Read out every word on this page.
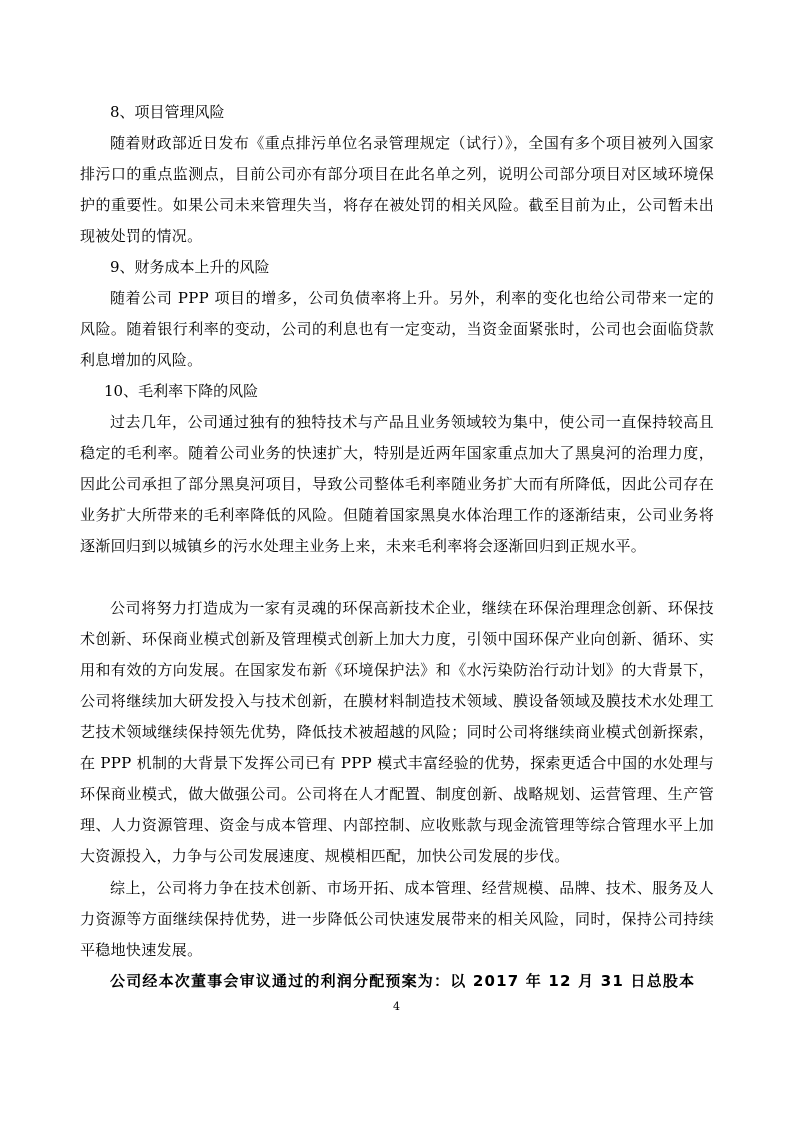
8、项目管理风险
随着财政部近日发布《重点排污单位名录管理规定（试行）》，全国有多个项目被列入国家排污口的重点监测点，目前公司亦有部分项目在此名单之列，说明公司部分项目对区域环境保护的重要性。如果公司未来管理失当，将存在被处罚的相关风险。截至目前为止，公司暂未出现被处罚的情况。
9、财务成本上升的风险
随着公司 PPP 项目的增多，公司负债率将上升。另外，利率的变化也给公司带来一定的风险。随着银行利率的变动，公司的利息也有一定变动，当资金面紧张时，公司也会面临贷款利息增加的风险。
10、毛利率下降的风险
过去几年，公司通过独有的独特技术与产品且业务领域较为集中，使公司一直保持较高且稳定的毛利率。随着公司业务的快速扩大，特别是近两年国家重点加大了黑臭河的治理力度，因此公司承担了部分黑臭河项目，导致公司整体毛利率随业务扩大而有所降低，因此公司存在业务扩大所带来的毛利率降低的风险。但随着国家黑臭水体治理工作的逐渐结束，公司业务将逐渐回归到以城镇乡的污水处理主业务上来，未来毛利率将会逐渐回归到正规水平。
公司将努力打造成为一家有灵魂的环保高新技术企业，继续在环保治理理念创新、环保技术创新、环保商业模式创新及管理模式创新上加大力度，引领中国环保产业向创新、循环、实用和有效的方向发展。在国家发布新《环境保护法》和《水污染防治行动计划》的大背景下，公司将继续加大研发投入与技术创新，在膜材料制造技术领域、膜设备领域及膜技术水处理工艺技术领域继续保持领先优势，降低技术被超越的风险；同时公司将继续商业模式创新探索，在 PPP 机制的大背景下发挥公司已有 PPP 模式丰富经验的优势，探索更适合中国的水处理与环保商业模式，做大做强公司。公司将在人才配置、制度创新、战略规划、运营管理、生产管理、人力资源管理、资金与成本管理、内部控制、应收账款与现金流管理等综合管理水平上加大资源投入，力争与公司发展速度、规模相匹配，加快公司发展的步伐。
综上，公司将力争在技术创新、市场开拓、成本管理、经营规模、品牌、技术、服务及人力资源等方面继续保持优势，进一步降低公司快速发展带来的相关风险，同时，保持公司持续平稳地快速发展。
公司经本次董事会审议通过的利润分配预案为：以 2017 年 12 月 31 日总股本
4
